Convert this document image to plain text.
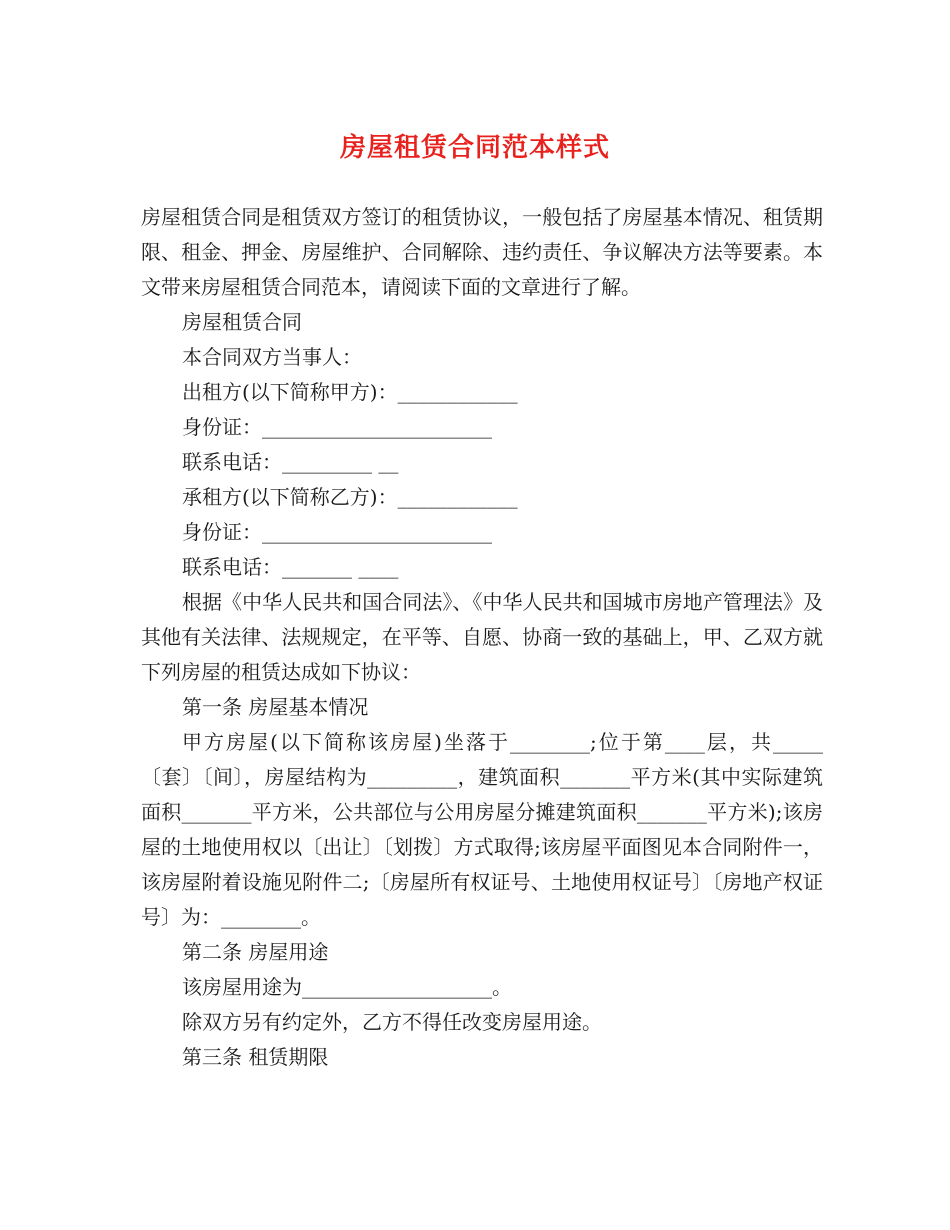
房屋租赁合同范本样式

房屋租赁合同是租赁双方签订的租赁协议，一般包括了房屋基本情况、租赁期限、租金、押金、房屋维护、合同解除、违约责任、争议解决方法等要素。本文带来房屋租赁合同范本，请阅读下面的文章进行了解。

房屋租赁合同

本合同双方当事人：

出租方(以下简称甲方)：____________

身份证：_______________________

联系电话：_________ __

承租方(以下简称乙方)：____________

身份证：_______________________

联系电话：_______ ____

根据《中华人民共和国合同法》、《中华人民共和国城市房地产管理法》及其他有关法律、法规规定，在平等、自愿、协商一致的基础上，甲、乙双方就下列房屋的租赁达成如下协议：

第一条 房屋基本情况

甲方房屋(以下简称该房屋)坐落于________;位于第____层，共_____〔套〕〔间〕，房屋结构为_________，建筑面积_______平方米(其中实际建筑面积_______平方米，公共部位与公用房屋分摊建筑面积_______平方米);该房屋的土地使用权以〔出让〕〔划拨〕方式取得;该房屋平面图见本合同附件一，该房屋附着设施见附件二;〔房屋所有权证号、土地使用权证号〕〔房地产权证号〕为：________。

第二条 房屋用途

该房屋用途为___________________。

除双方另有约定外，乙方不得任改变房屋用途。

第三条 租赁期限
